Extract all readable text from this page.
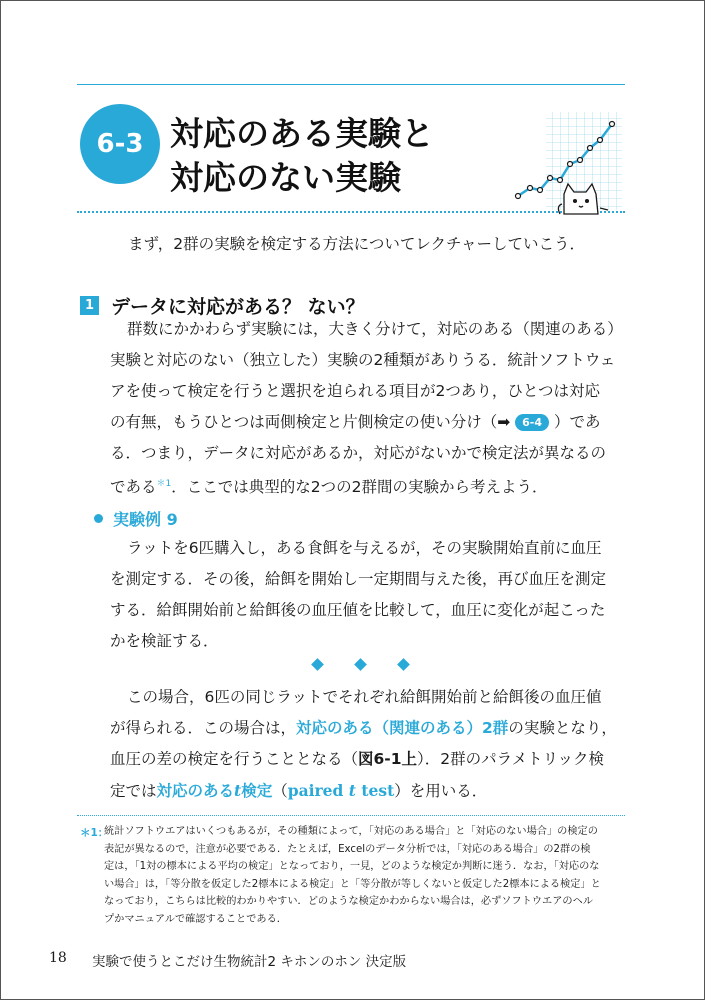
6-3 対応のある実験と
対応のない実験
まず，2群の実験を検定する方法についてレクチャーしていこう．
1 データに対応がある？ ない？
群数にかかわらず実験には，大きく分けて，対応のある（関連のある）
実験と対応のない（独立した）実験の2種類がありうる．統計ソフトウェ
アを使って検定を行うと選択を迫られる項目が2つあり，ひとつは対応
の有無，もうひとつは両側検定と片側検定の使い分け（➡ 6-4 ）であ
る．つまり，データに対応があるか，対応がないかで検定法が異なるの
である$^{*1}$．ここでは典型的な2つの2群間の実験から考えよう．
実験例 9
ラットを6匹購入し，ある食餌を与えるが，その実験開始直前に血圧
を測定する．その後，給餌を開始し一定期間与えた後，再び血圧を測定
する．給餌開始前と給餌後の血圧値を比較して，血圧に変化が起こった
かを検証する．
この場合，6匹の同じラットでそれぞれ給餌開始前と給餌後の血圧値
が得られる．この場合は，対応のある（関連のある）2群の実験となり，
血圧の差の検定を行うこととなる（図6-1上）．2群のパラメトリック検
定では対応のあるt検定（paired t test）を用いる．
＊1：
統計ソフトウエアはいくつもあるが，その種類によって，「対応のある場合」と「対応のない場合」の検定の
表記が異なるので，注意が必要である．たとえば，Excelのデータ分析では，「対応のある場合」の2群の検
定は，「1対の標本による平均の検定」となっており，一見，どのような検定か判断に迷う．なお，「対応のな
い場合」は，「等分散を仮定した2標本による検定」と「等分散が等しくないと仮定した2標本による検定」と
なっており，こちらは比較的わかりやすい．どのような検定かわからない場合は，必ずソフトウエアのヘル
プかマニュアルで確認することである．
18 実験で使うとこだけ生物統計2 キホンのホン 決定版
